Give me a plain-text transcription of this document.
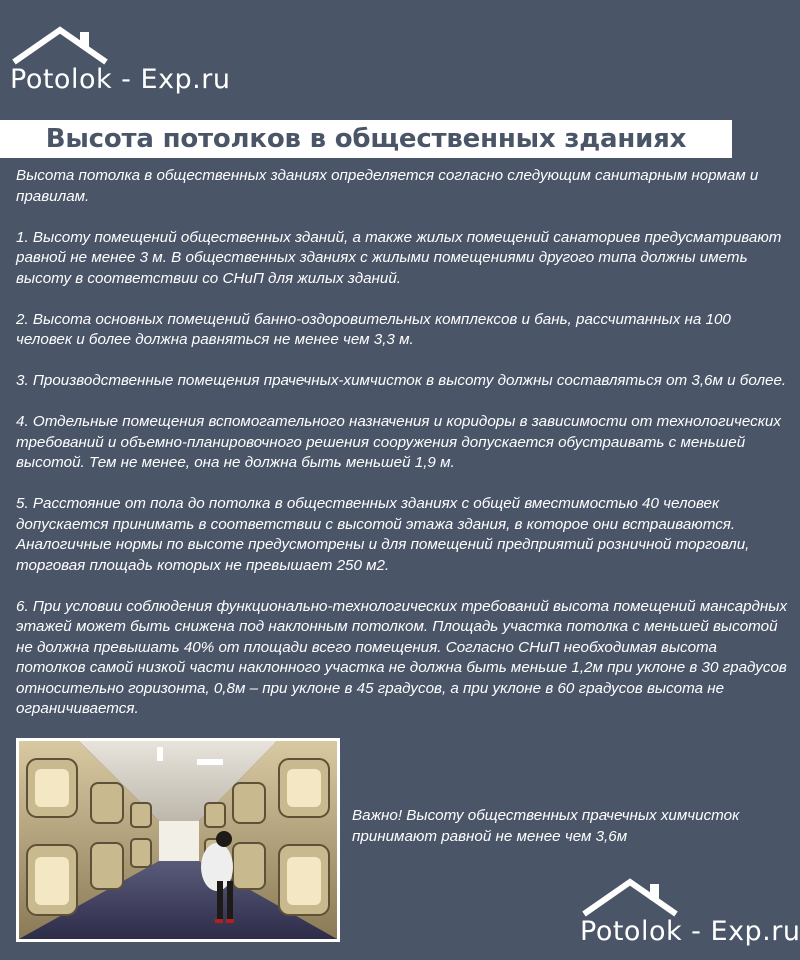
Potolok - Exp.ru
Высота потолков в общественных зданиях

Высота потолка в общественных зданиях определяется согласно следующим санитарным нормам и правилам.

1. Высоту помещений общественных зданий, а также жилых помещений санаториев предусматривают равной не менее 3 м. В общественных зданиях с жилыми помещениями другого типа должны иметь высоту в соответствии со СНиП для жилых зданий.

2. Высота основных помещений банно-оздоровительных комплексов и бань, рассчитанных на 100 человек и более должна равняться не менее чем 3,3 м.

3. Производственные помещения прачечных-химчисток в высоту должны составляться от 3,6м и более.

4. Отдельные помещения вспомогательного назначения и коридоры в зависимости от технологических требований и объемно-планировочного решения сооружения допускается обустраивать с меньшей высотой. Тем не менее, она не должна быть меньшей 1,9 м.

5. Расстояние от пола до потолка в общественных зданиях с общей вместимостью 40 человек допускается принимать в соответствии с высотой этажа здания, в которое они встраиваются. Аналогичные нормы по высоте предусмотрены и для помещений предприятий розничной торговли, торговая площадь которых не превышает 250 м2.

6. При условии соблюдения функционально-технологических требований высота помещений мансардных этажей может быть снижена под наклонным потолком. Площадь участка потолка с меньшей высотой не должна превышать 40% от площади всего помещения. Согласно СНиП необходимая высота потолков самой низкой части наклонного участка не должна быть меньше 1,2м при уклоне в 30 градусов относительно горизонта, 0,8м – при уклоне в 45 градусов, а при уклоне в 60 градусов высота не ограничивается.

Важно! Высоту общественных прачечных химчисток принимают равной не менее чем 3,6м
Potolok - Exp.ru
